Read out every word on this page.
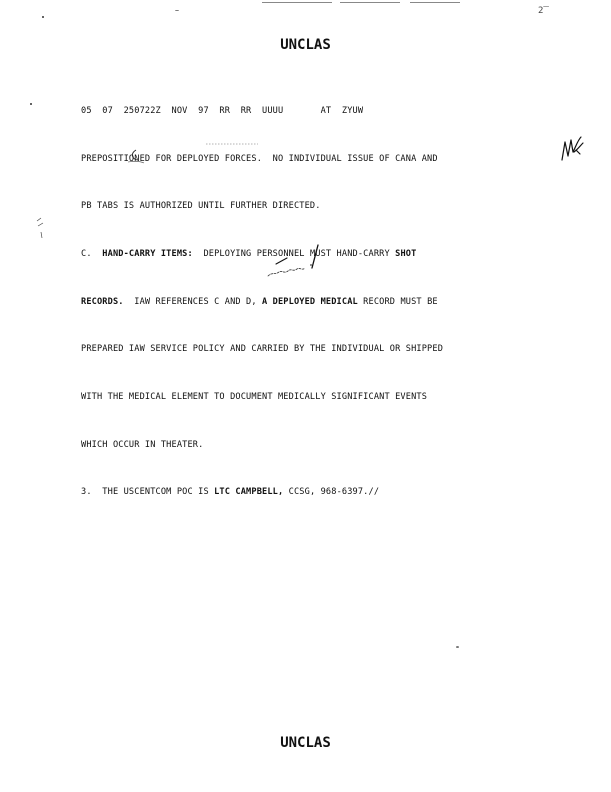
2̅̅̅
UNCLAS

05  07  250722Z  NOV  97  RR  RR  UUUU       AT  ZYUW

PREPOSITIONED FOR DEPLOYED FORCES.  NO INDIVIDUAL ISSUE OF CANA AND

PB TABS IS AUTHORIZED UNTIL FURTHER DIRECTED.

C.  HAND-CARRY ITEMS:  DEPLOYING PERSONNEL MUST HAND-CARRY SHOT

RECORDS.  IAW REFERENCES C AND D, A DEPLOYED MEDICAL RECORD MUST BE

PREPARED IAW SERVICE POLICY AND CARRIED BY THE INDIVIDUAL OR SHIPPED

WITH THE MEDICAL ELEMENT TO DOCUMENT MEDICALLY SIGNIFICANT EVENTS

WHICH OCCUR IN THEATER.

3.  THE USCENTCOM POC IS LTC CAMPBELL, CCSG, 968-6397.//

UNCLAS
